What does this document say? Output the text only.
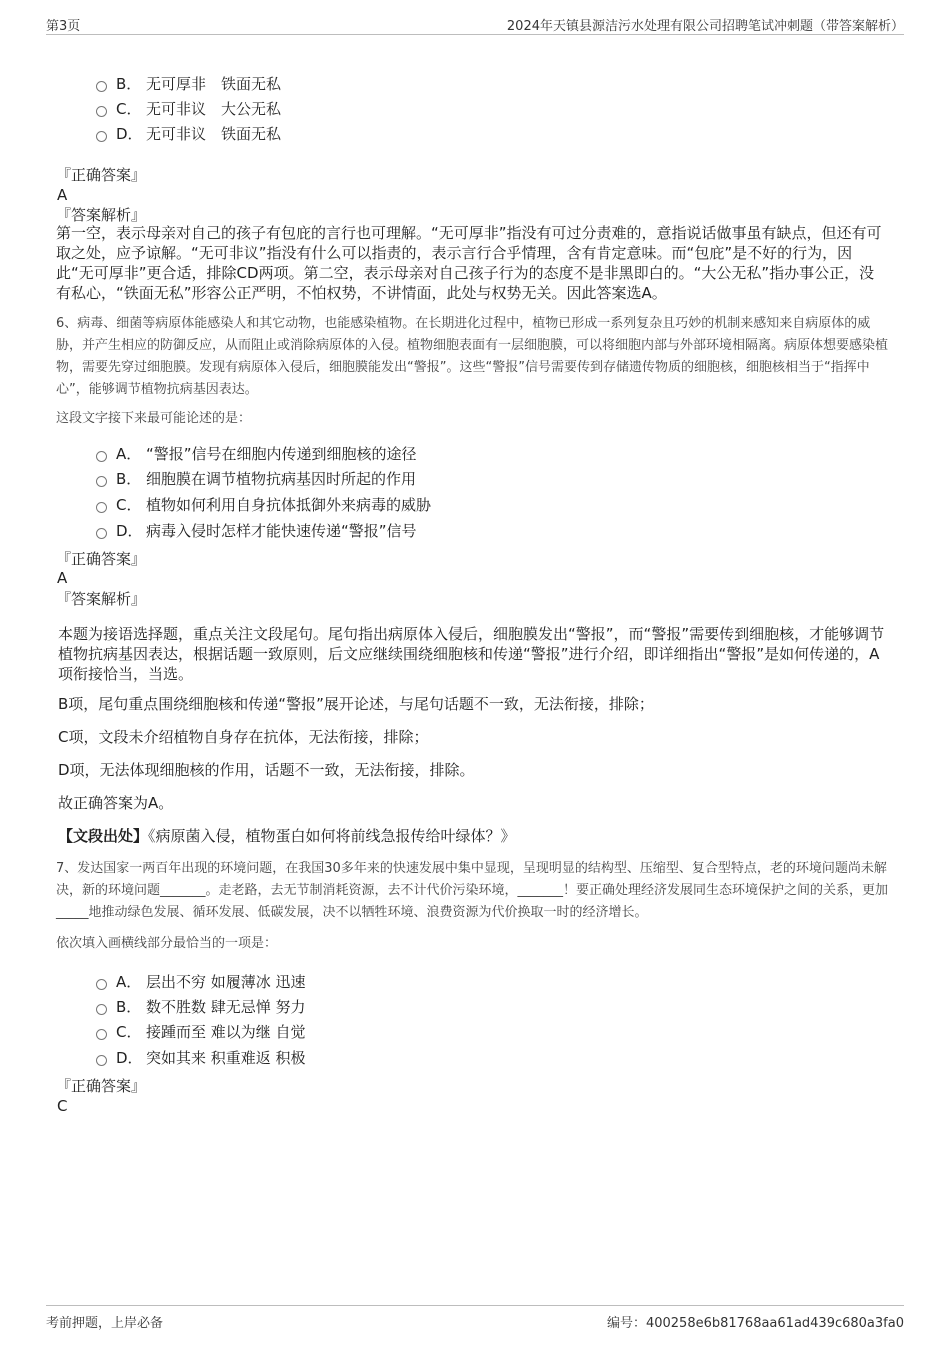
第3页	2024年天镇县源洁污水处理有限公司招聘笔试冲刺题（带答案解析）
B． 无可厚非　铁面无私
C． 无可非议　大公无私
D． 无可非议　铁面无私
『正确答案』
A
『答案解析』
第一空，表示母亲对自己的孩子有包庇的言行也可理解。“无可厚非”指没有可过分责难的，意指说话做事虽有缺点，但还有可取之处，应予谅解。“无可非议”指没有什么可以指责的，表示言行合乎情理，含有肯定意味。而“包庇”是不好的行为，因此“无可厚非”更合适，排除CD两项。第二空，表示母亲对自己孩子行为的态度不是非黑即白的。“大公无私”指办事公正，没有私心，“铁面无私”形容公正严明，不怕权势，不讲情面，此处与权势无关。因此答案选A。
6、病毒、细菌等病原体能感染人和其它动物，也能感染植物。在长期进化过程中，植物已形成一系列复杂且巧妙的机制来感知来自病原体的威胁，并产生相应的防御反应，从而阻止或消除病原体的入侵。植物细胞表面有一层细胞膜，可以将细胞内部与外部环境相隔离。病原体想要感染植物，需要先穿过细胞膜。发现有病原体入侵后，细胞膜能发出“警报”。这些“警报”信号需要传到存储遗传物质的细胞核，细胞核相当于“指挥中心”，能够调节植物抗病基因表达。
这段文字接下来最可能论述的是：
A． “警报”信号在细胞内传递到细胞核的途径
B． 细胞膜在调节植物抗病基因时所起的作用
C． 植物如何利用自身抗体抵御外来病毒的威胁
D． 病毒入侵时怎样才能快速传递“警报”信号
『正确答案』
A
『答案解析』
本题为接语选择题，重点关注文段尾句。尾句指出病原体入侵后，细胞膜发出“警报”，而“警报”需要传到细胞核，才能够调节植物抗病基因表达，根据话题一致原则，后文应继续围绕细胞核和传递“警报”进行介绍，即详细指出“警报”是如何传递的，A项衔接恰当，当选。
B项，尾句重点围绕细胞核和传递“警报”展开论述，与尾句话题不一致，无法衔接，排除；
C项，文段未介绍植物自身存在抗体，无法衔接，排除；
D项，无法体现细胞核的作用，话题不一致，无法衔接，排除。
故正确答案为A。
【文段出处】《病原菌入侵，植物蛋白如何将前线急报传给叶绿体？》
7、发达国家一两百年出现的环境问题，在我国30多年来的快速发展中集中显现，呈现明显的结构型、压缩型、复合型特点，老的环境问题尚未解决，新的环境问题_______。走老路，去无节制消耗资源，去不计代价污染环境，_______！要正确处理经济发展同生态环境保护之间的关系，更加_____地推动绿色发展、循环发展、低碳发展，决不以牺牲环境、浪费资源为代价换取一时的经济增长。
依次填入画横线部分最恰当的一项是：
A． 层出不穷 如履薄冰 迅速
B． 数不胜数 肆无忌惮 努力
C． 接踵而至 难以为继 自觉
D． 突如其来 积重难返 积极
『正确答案』
C
考前押题，上岸必备	编号：400258e6b81768aa61ad439c680a3fa0
